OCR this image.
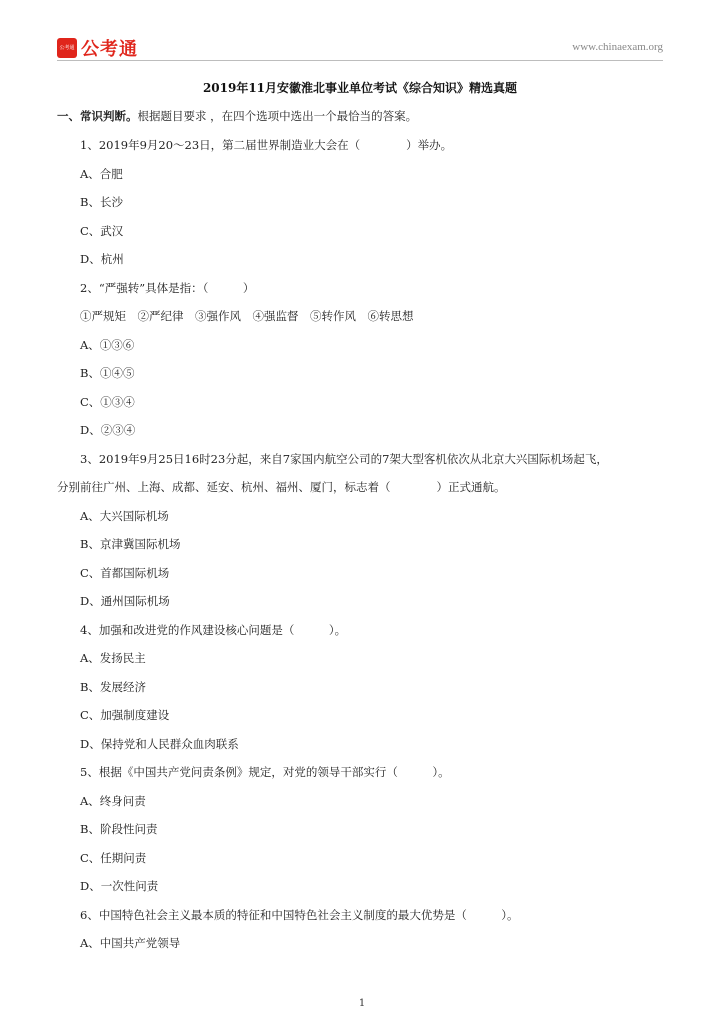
公考通 公考通	www.chinaexam.org
2019年11月安徽淮北事业单位考试《综合知识》精选真题
一、常识判断。根据题目要求 ，在四个选项中选出一个最恰当的答案。
1、2019年9月20～23日，第二届世界制造业大会在（　　　　）举办。
A、合肥
B、长沙
C、武汉
D、杭州
2、“严强转”具体是指：（　　　）
①严规矩　②严纪律　③强作风　④强监督　⑤转作风　⑥转思想
A、①③⑥
B、①④⑤
C、①③④
D、②③④
3、2019年9月25日16时23分起，来自7家国内航空公司的7架大型客机依次从北京大兴国际机场起飞，
分别前往广州、上海、成都、延安、杭州、福州、厦门，标志着（　　　　）正式通航。
A、大兴国际机场
B、京津冀国际机场
C、首都国际机场
D、通州国际机场
4、加强和改进党的作风建设核心问题是（　　　）。
A、发扬民主
B、发展经济
C、加强制度建设
D、保持党和人民群众血肉联系
5、根据《中国共产党问责条例》规定，对党的领导干部实行（　　　）。
A、终身问责
B、阶段性问责
C、任期问责
D、一次性问责
6、中国特色社会主义最本质的特征和中国特色社会主义制度的最大优势是（　　　）。
A、中国共产党领导
1
